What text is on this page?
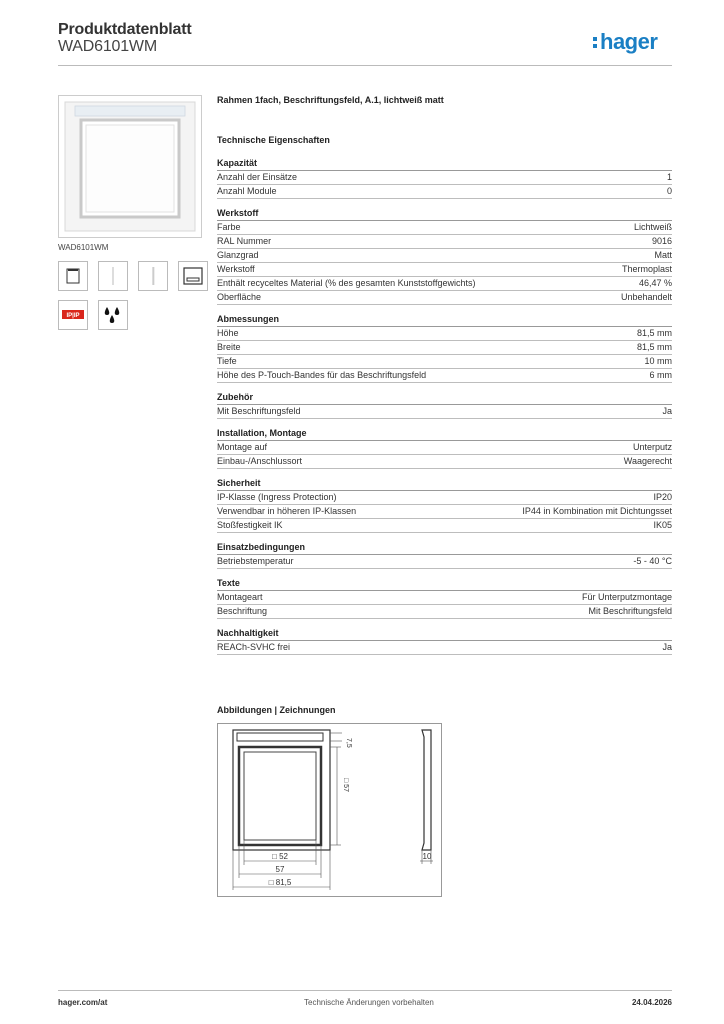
Produktdatenblatt
WAD6101WM	hager
WAD6101WM
IP|IP
Rahmen 1fach, Beschriftungsfeld, A.1, lichtweiß matt
Technische Eigenschaften
Kapazität
Anzahl der Einsätze	1
Anzahl Module	0
Werkstoff
Farbe	Lichtweiß
RAL Nummer	9016
Glanzgrad	Matt
Werkstoff	Thermoplast
Enthält recyceltes Material (% des gesamten Kunststoffgewichts)	46,47 %
Oberfläche	Unbehandelt
Abmessungen
Höhe	81,5 mm
Breite	81,5 mm
Tiefe	10 mm
Höhe des P-Touch-Bandes für das Beschriftungsfeld	6 mm
Zubehör
Mit Beschriftungsfeld	Ja
Installation, Montage
Montage auf	Unterputz
Einbau-/Anschlussort	Waagerecht
Sicherheit
IP-Klasse (Ingress Protection)	IP20
Verwendbar in höheren IP-Klassen	IP44 in Kombination mit Dichtungsset
Stoßfestigkeit IK	IK05
Einsatzbedingungen
Betriebstemperatur	-5 - 40 °C
Texte
Montageart	Für Unterputzmontage
Beschriftung	Mit Beschriftungsfeld
Nachhaltigkeit
REACh-SVHC frei	Ja
Abbildungen | Zeichnungen
7,5
□ 57
□ 52
57
□ 81,5
10
hager.com/at	Technische Änderungen vorbehalten	24.04.2026
